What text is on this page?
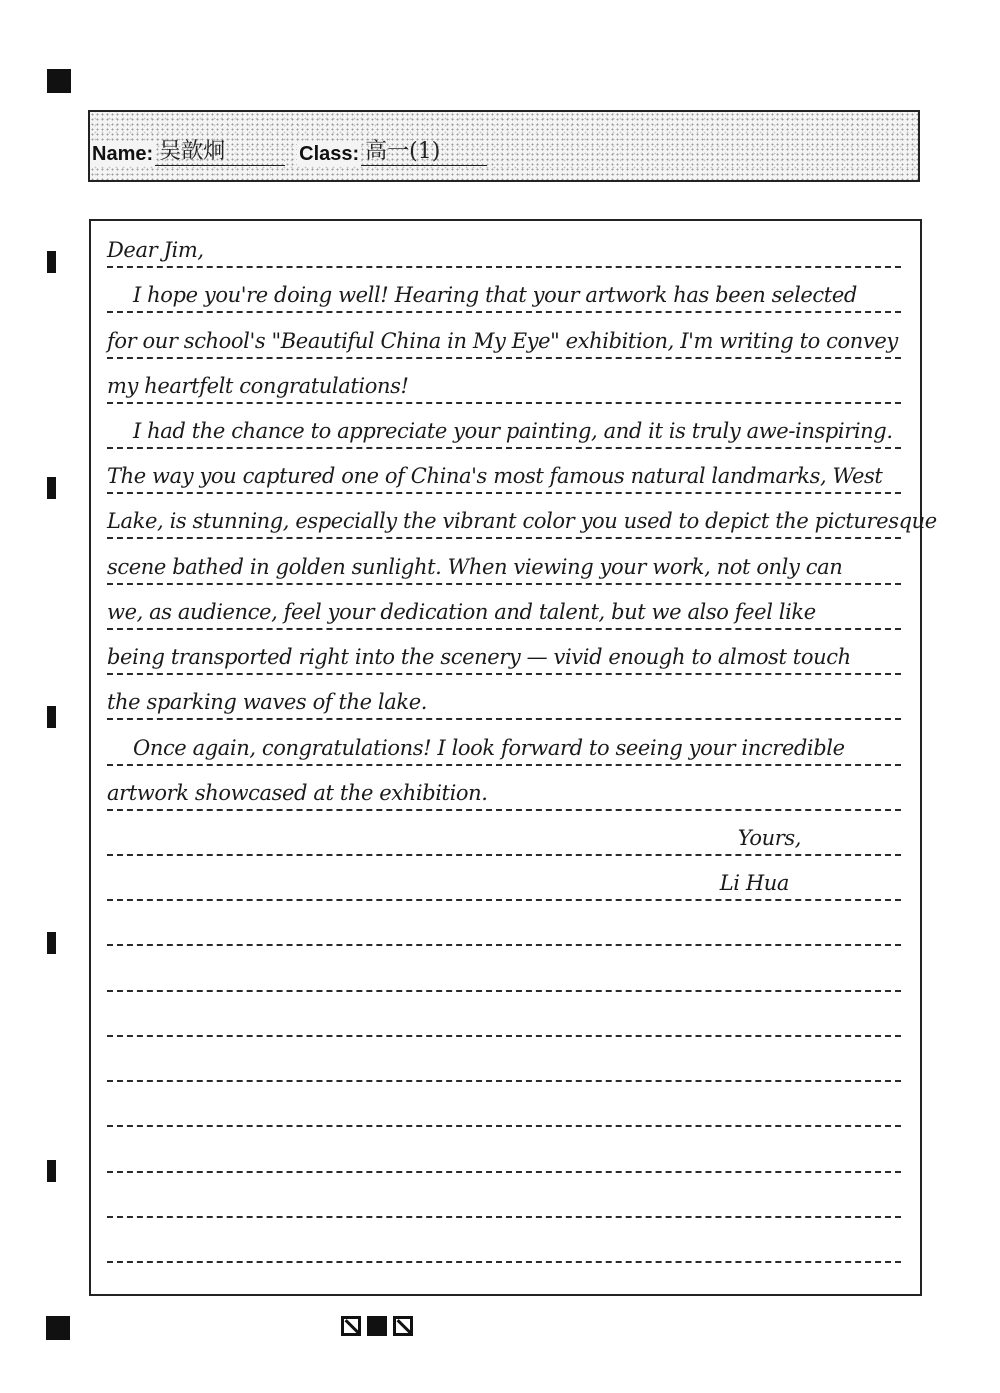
Name: 吴歆炯	Class: 高一(1)
Dear Jim,
I hope you're doing well! Hearing that your artwork has been selected
for our school's "Beautiful China in My Eye" exhibition, I'm writing to convey
my heartfelt congratulations!
I had the chance to appreciate your painting, and it is truly awe-inspiring.
The way you captured one of China's most famous natural landmarks, West
Lake, is stunning, especially the vibrant color you used to depict the picturesque
scene bathed in golden sunlight. When viewing your work, not only can
we, as audience, feel your dedication and talent, but we also feel like
being transported right into the scenery — vivid enough to almost touch
the sparking waves of the lake.
Once again, congratulations! I look forward to seeing your incredible
artwork showcased at the exhibition.
Yours,
Li Hua
